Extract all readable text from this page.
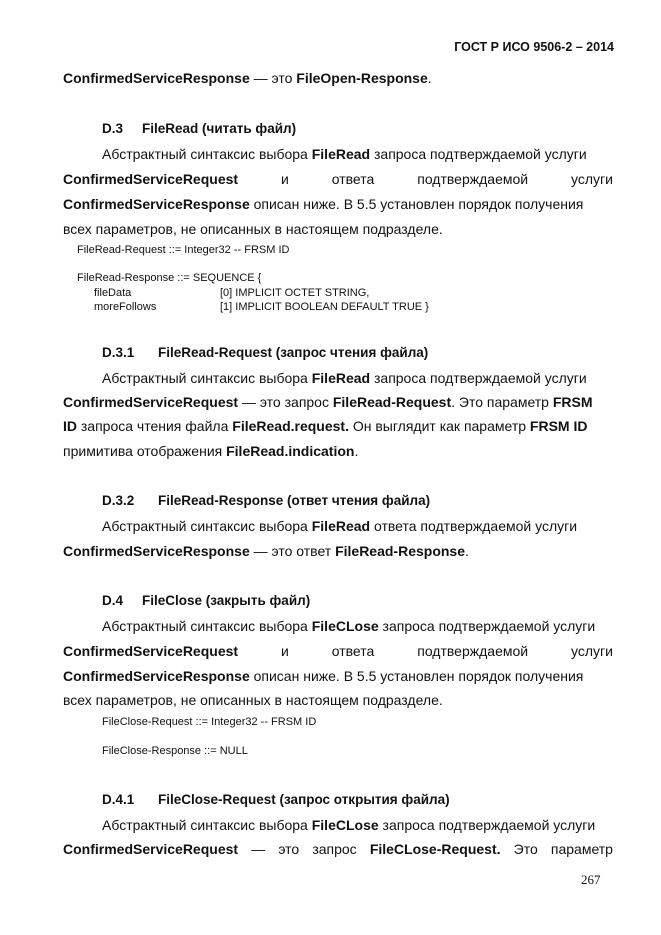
ГОСТ Р ИСО 9506-2 – 2014
ConfirmedServiceResponse — это FileOpen-Response.
D.3 FileRead (читать файл)
Абстрактный синтаксис выбора FileRead запроса подтверждаемой услуги
ConfirmedServiceRequest	и	ответа	подтверждаемой	услуги
ConfirmedServiceResponse описан ниже. В 5.5 установлен порядок получения
всех параметров, не описанных в настоящем подразделе.
FileRead-Request ::= Integer32 -- FRSM ID
FileRead-Response ::= SEQUENCE {
fileData	[0] IMPLICIT OCTET STRING,
moreFollows	[1] IMPLICIT BOOLEAN DEFAULT TRUE }
D.3.1 FileRead-Request (запрос чтения файла)
Абстрактный синтаксис выбора FileRead запроса подтверждаемой услуги
ConfirmedServiceRequest — это запрос FileRead-Request. Это параметр FRSM
ID запроса чтения файла FileRead.request. Он выглядит как параметр FRSM ID
примитива отображения FileRead.indication.
D.3.2 FileRead-Response (ответ чтения файла)
Абстрактный синтаксис выбора FileRead ответа подтверждаемой услуги
ConfirmedServiceResponse — это ответ FileRead-Response.
D.4 FileClose (закрыть файл)
Абстрактный синтаксис выбора FileCLose запроса подтверждаемой услуги
ConfirmedServiceRequest	и	ответа	подтверждаемой	услуги
ConfirmedServiceResponse описан ниже. В 5.5 установлен порядок получения
всех параметров, не описанных в настоящем подразделе.
FileClose-Request ::= Integer32 -- FRSM ID
FileClose-Response ::= NULL
D.4.1 FileClose-Request (запрос открытия файла)
Абстрактный синтаксис выбора FileCLose запроса подтверждаемой услуги
ConfirmedServiceRequest — это запрос FileCLose-Request. Это параметр
267
